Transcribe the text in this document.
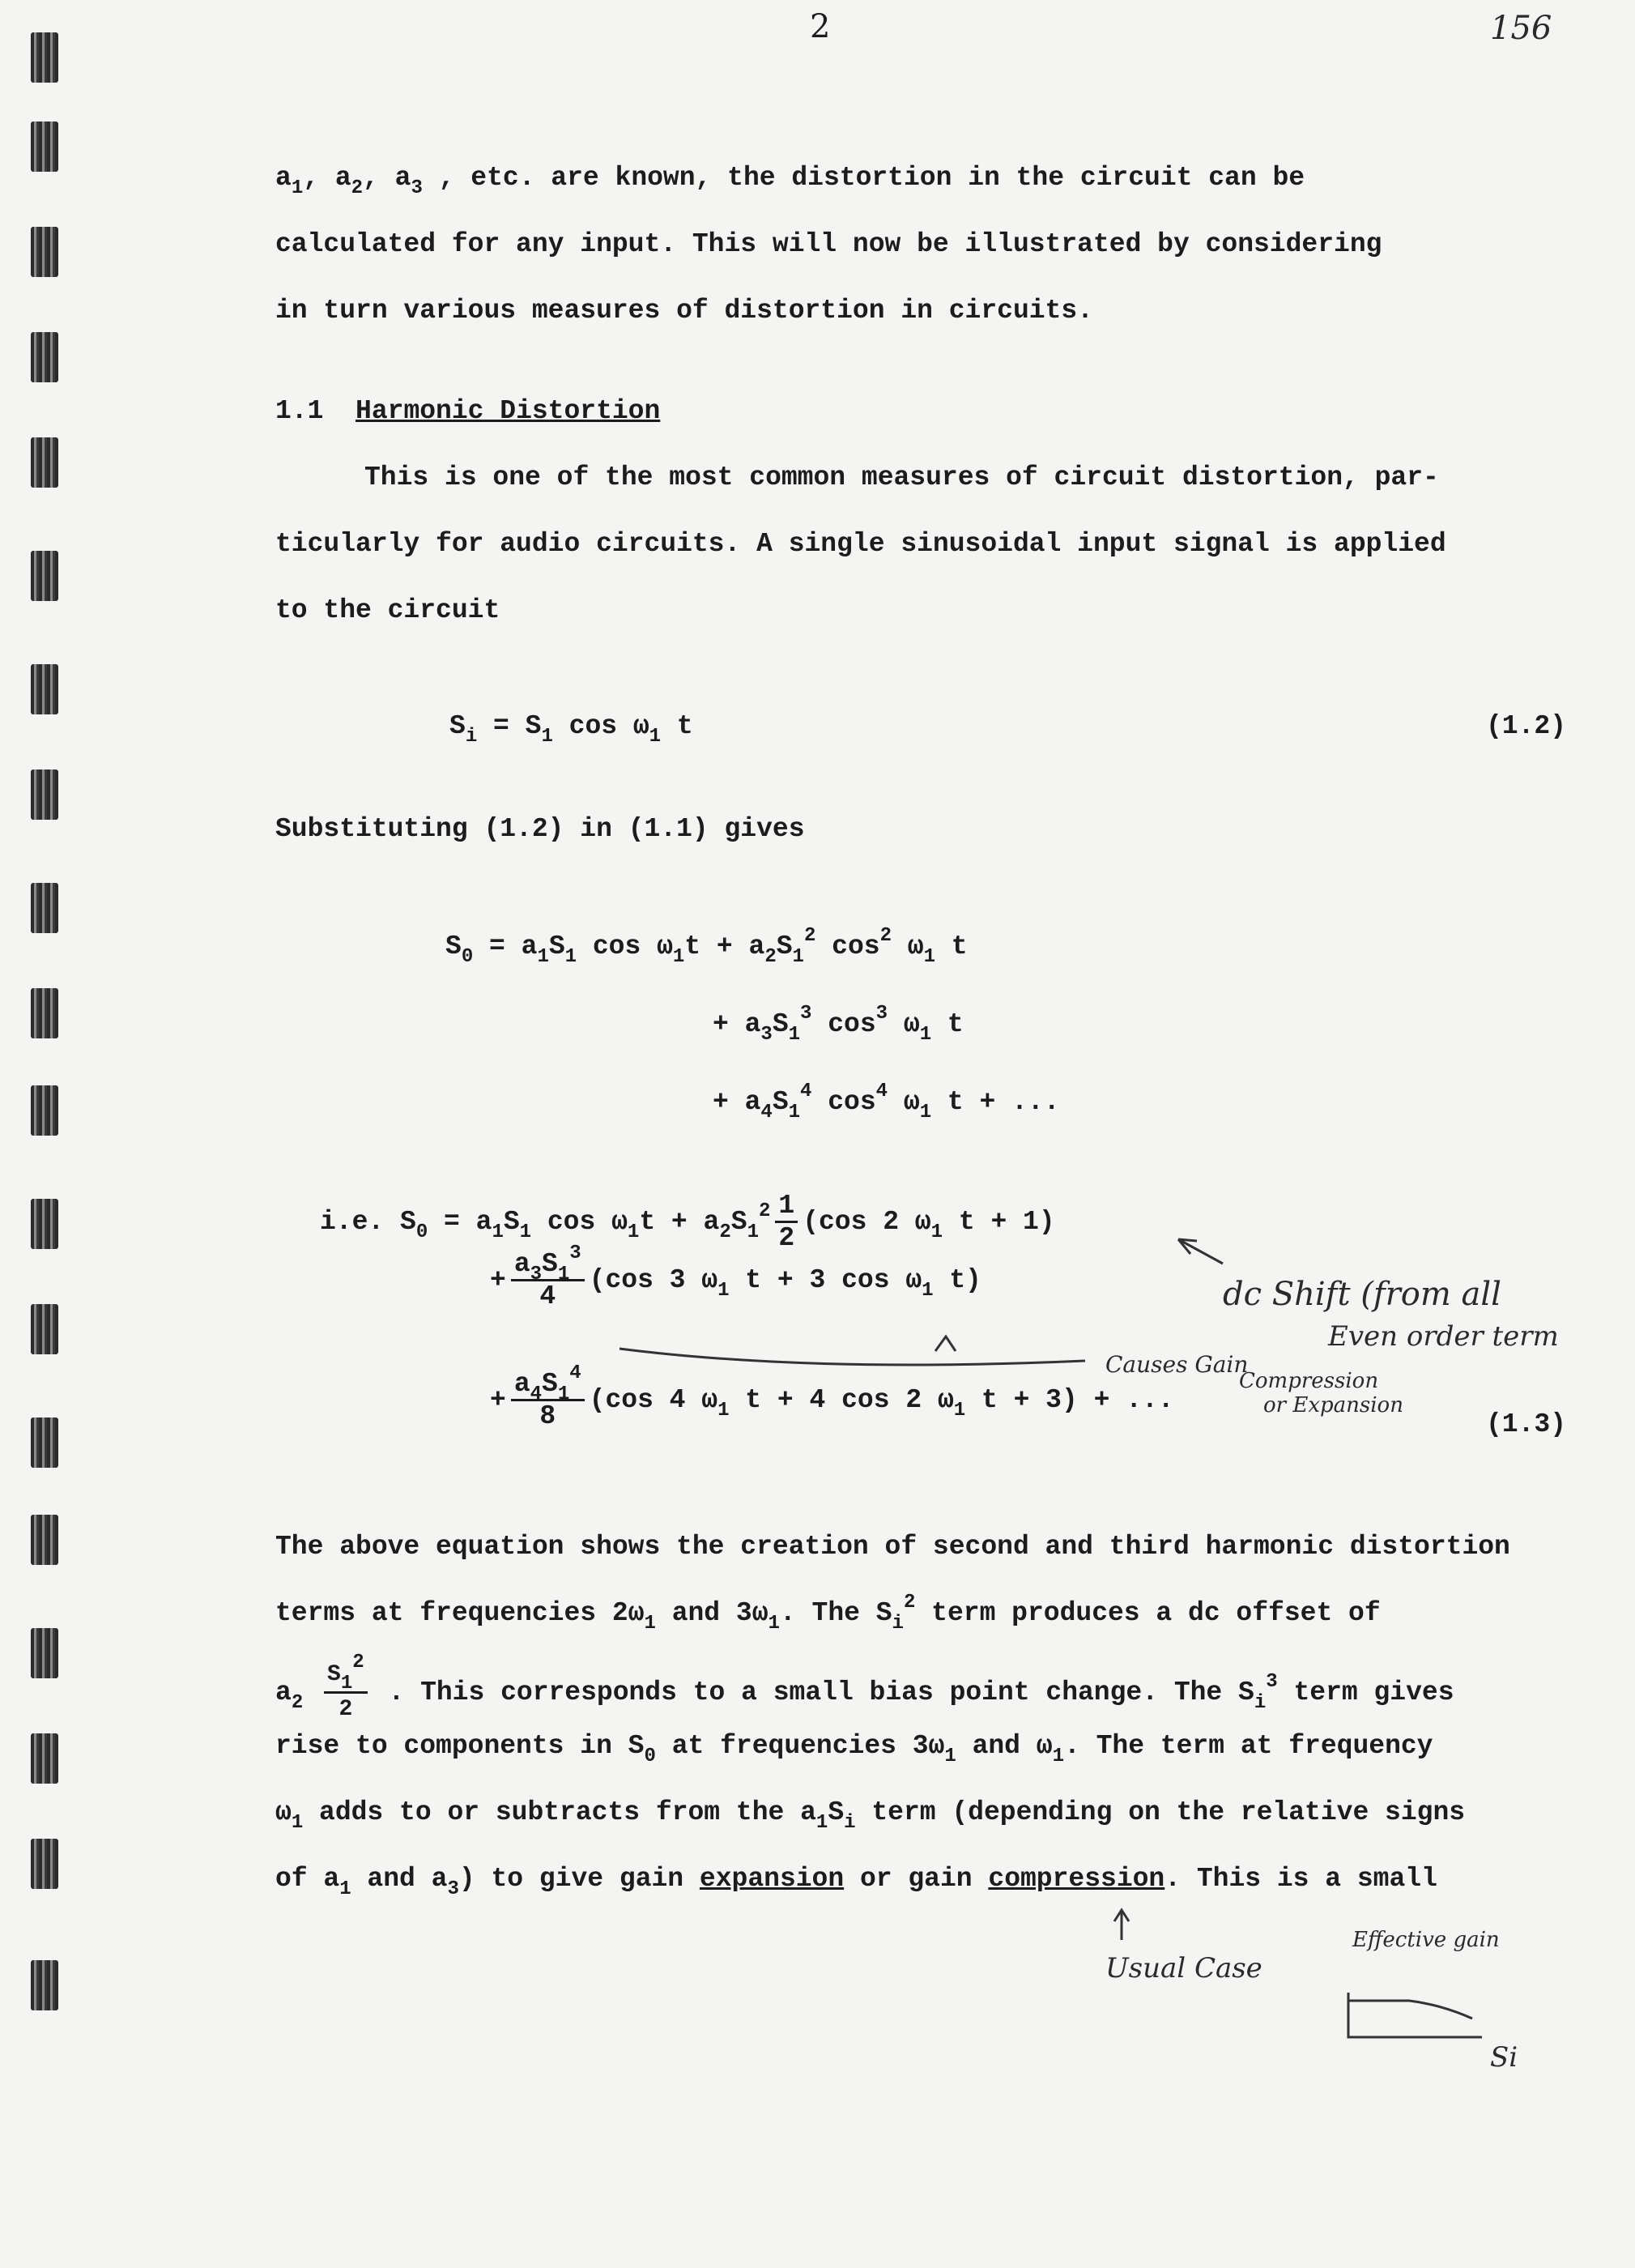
2	156
$a_1$, $a_2$, $a_3$ , etc. are known, the distortion in the circuit can be
calculated for any input. This will now be illustrated by considering
in turn various measures of distortion in circuits.
1.1 Harmonic Distortion
This is one of the most common measures of circuit distortion, par-
ticularly for audio circuits. A single sinusoidal input signal is applied
to the circuit
$S_i = S_1$ $\cos \omega_1$ t	(1.2)
Substituting (1.2) in (1.1) gives
$S_0 = a_1S_1$ $\cos \omega_1t + a_2S_1^2$ $\cos^2 \omega_1$ t
+ $a_3S_1^3$ $\cos^3 \omega_1$ t
+ $a_4S_1^4$ $\cos^4 \omega_1$ t + ...
i.e. $S_0 = a_1S_1$ $\cos \omega_1t + a_2S_1^2 \frac{1}{2} (\cos$ 2 $\omega_1$ t + 1)
+ $\frac{a_3S_1^3}{4} (\cos$ 3 $\omega_1$ t + 3 $\cos \omega_1$ t)
+ $\frac{a_4S_1^4}{8} (\cos$ 4 $\omega_1$ t + 4 cos 2 $\omega_1$ t + 3) + ...
(1.3)
dc Shift (from all
Even order term
Causes Gain
Compression
or Expansion
Usual Case
Effective gain
Si
The above equation shows the creation of second and third harmonic distortion
terms at frequencies $2\omega_1$ and $3\omega_1$. The $S_i^2$ term produces a dc offset of
$a_2 \frac{S_1^2}{2}$ . This corresponds to a small bias point change. The $S_i^3$ term gives
rise to components in $S_0$ at frequencies $3\omega_1$ and $\omega_1$. The term at frequency
$\omega_1$ adds to or subtracts from the $a_1S_i$ term (depending on the relative signs
of $a_1$ and $a_3$) to give gain expansion or gain compression. This is a small
